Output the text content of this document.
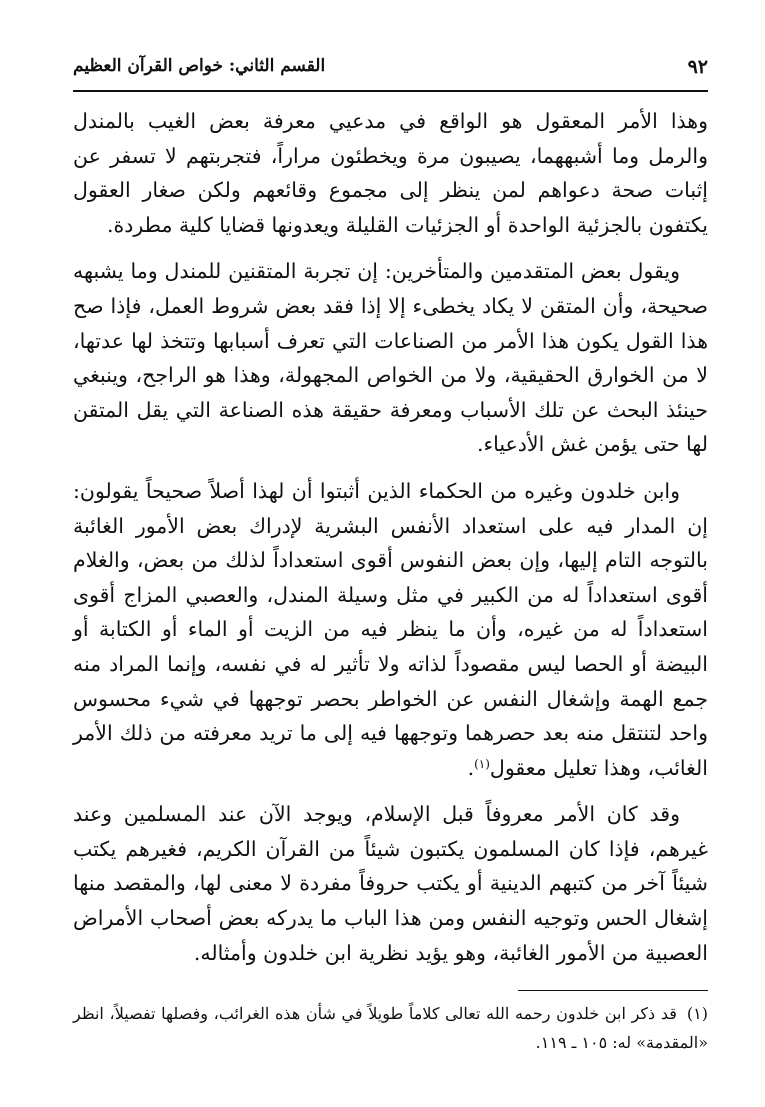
٩٢
القسم الثاني: خواص القرآن العظيم

وهذا الأمر المعقول هو الواقع في مدعيي معرفة بعض الغيب بالمندل والرمل وما أشبههما، يصيبون مرة ويخطئون مراراً، فتجربتهم لا تسفر عن إثبات صحة دعواهم لمن ينظر إلى مجموع وقائعهم ولكن صغار العقول يكتفون بالجزئية الواحدة أو الجزئيات القليلة ويعدونها قضايا كلية مطردة.

ويقول بعض المتقدمين والمتأخرين: إن تجربة المتقنين للمندل وما يشبهه صحيحة، وأن المتقن لا يكاد يخطىء إلا إذا فقد بعض شروط العمل، فإذا صح هذا القول يكون هذا الأمر من الصناعات التي تعرف أسبابها وتتخذ لها عدتها، لا من الخوارق الحقيقية، ولا من الخواص المجهولة، وهذا هو الراجح، وينبغي حينئذ البحث عن تلك الأسباب ومعرفة حقيقة هذه الصناعة التي يقل المتقن لها حتى يؤمن غش الأدعياء.

وابن خلدون وغيره من الحكماء الذين أثبتوا أن لهذا أصلاً صحيحاً يقولون: إن المدار فيه على استعداد الأنفس البشرية لإدراك بعض الأمور الغائبة بالتوجه التام إليها، وإن بعض النفوس أقوى استعداداً لذلك من بعض، والغلام أقوى استعداداً له من الكبير في مثل وسيلة المندل، والعصبي المزاج أقوى استعداداً له من غيره، وأن ما ينظر فيه من الزيت أو الماء أو الكتابة أو البيضة أو الحصا ليس مقصوداً لذاته ولا تأثير له في نفسه، وإنما المراد منه جمع الهمة وإشغال النفس عن الخواطر بحصر توجهها في شيء محسوس واحد لتنتقل منه بعد حصرهما وتوجهها فيه إلى ما تريد معرفته من ذلك الأمر الغائب، وهذا تعليل معقول$^{(١)}$.

وقد كان الأمر معروفاً قبل الإسلام، ويوجد الآن عند المسلمين وعند غيرهم، فإذا كان المسلمون يكتبون شيئاً من القرآن الكريم، فغيرهم يكتب شيئاً آخر من كتبهم الدينية أو يكتب حروفاً مفردة لا معنى لها، والمقصد منها إشغال الحس وتوجيه النفس ومن هذا الباب ما يدركه بعض أصحاب الأمراض العصبية من الأمور الغائبة، وهو يؤيد نظرية ابن خلدون وأمثاله.

(١)قد ذكر ابن خلدون رحمه الله تعالى كلاماً طويلاً في شأن هذه الغرائب، وفصلها تفصيلاً، انظر «المقدمة» له: ١٠٥ ـ ١١٩.
